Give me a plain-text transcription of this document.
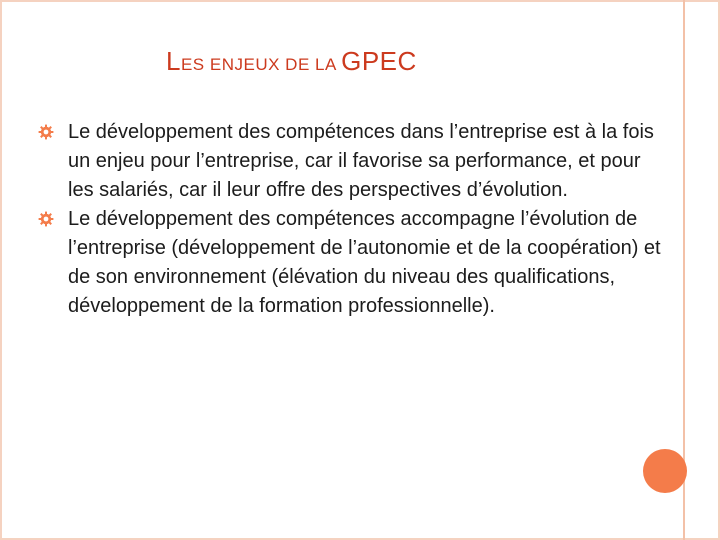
LES ENJEUX DE LA GPEC
Le développement des compétences dans l’entreprise est à la fois un enjeu pour l’entreprise, car il favorise sa performance, et pour les salariés, car il leur offre des perspectives d’évolution.
Le développement des compétences accompagne l’évolution de l’entreprise (développement de l’autonomie et de la coopération) et de son environnement (élévation du niveau des qualifications, développement de la formation professionnelle).
